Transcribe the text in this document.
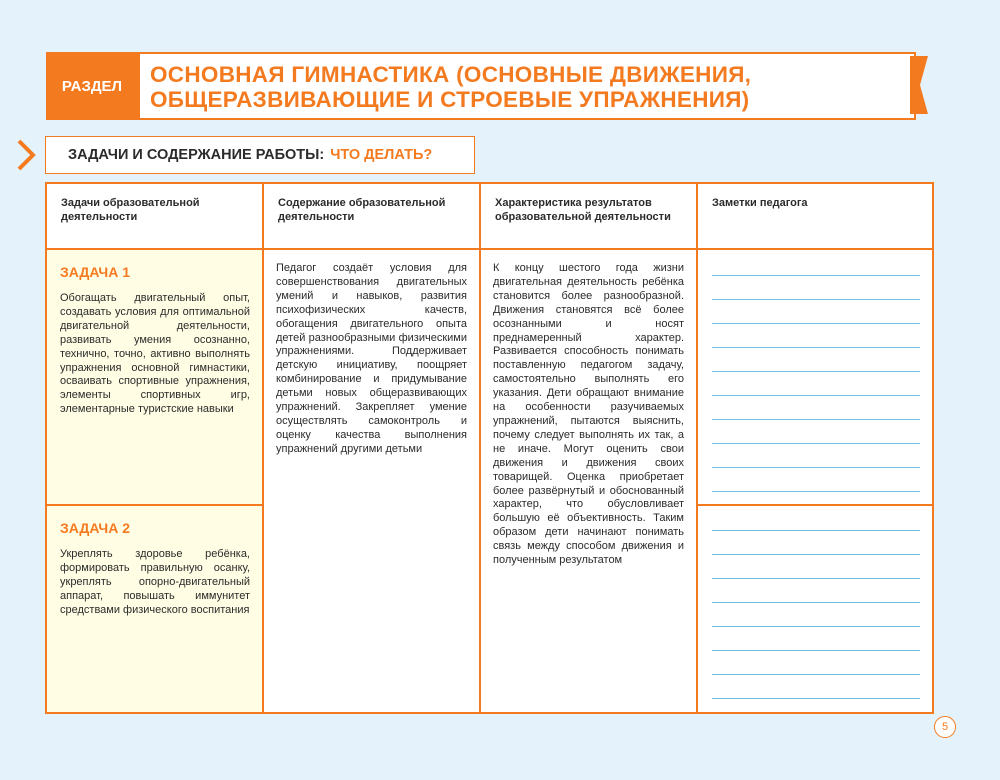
РАЗДЕЛ	ОСНОВНАЯ ГИМНАСТИКА (ОСНОВНЫЕ ДВИЖЕНИЯ,
ОБЩЕРАЗВИВАЮЩИЕ И СТРОЕВЫЕ УПРАЖНЕНИЯ)
ЗАДАЧИ И СОДЕРЖАНИЕ РАБОТЫ: ЧТО ДЕЛАТЬ?
Задачи образовательной деятельности
Содержание образовательной деятельности
Характеристика результатов образовательной деятельности
Заметки педагога
ЗАДАЧА 1
Обогащать двигательный опыт, создавать условия для оптимальной двигательной деятельности, развивать умения осознанно, технично, точно, активно выполнять упражнения основной гимнастики, осваивать спортивные упражнения, элементы спортивных игр, элементарные туристские навыки
ЗАДАЧА 2
Укреплять здоровье ребёнка, формировать правильную осанку, укреплять опорно-двигательный аппарат, повышать иммунитет средствами физического воспитания
Педагог создаёт условия для совершенствования двигательных умений и навыков, развития психофизических качеств, обогащения двигательного опыта детей разнообразными физическими упражнениями. Поддерживает детскую инициативу, поощряет комбинирование и придумывание детьми новых общеразвивающих упражнений. Закрепляет умение осуществлять самоконтроль и оценку качества выполнения упражнений другими детьми
К концу шестого года жизни двигательная деятельность ребёнка становится более разнообразной. Движения становятся всё более осознанными и носят преднамеренный характер. Развивается способность понимать поставленную педагогом задачу, самостоятельно выполнять его указания. Дети обращают внимание на особенности разучиваемых упражнений, пытаются выяснить, почему следует выполнять их так, а не иначе. Могут оценить свои движения и движения своих товарищей. Оценка приобретает более развёрнутый и обоснованный характер, что обусловливает большую её объективность. Таким образом дети начинают понимать связь между способом движения и полученным результатом
5
